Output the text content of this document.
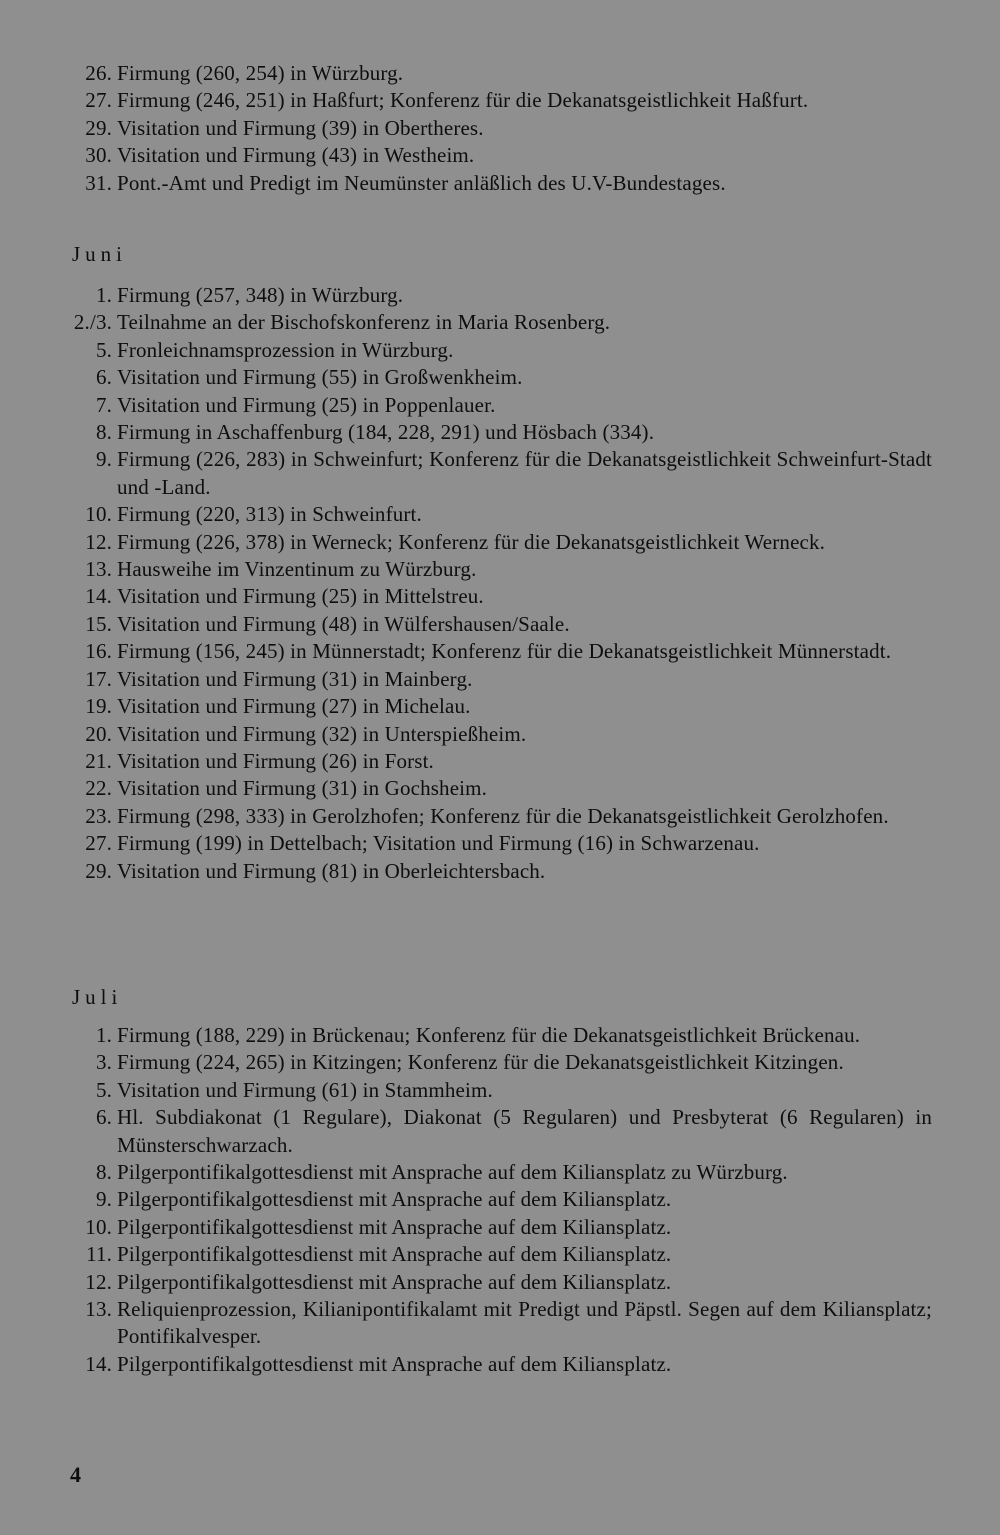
26. Firmung (260, 254) in Würzburg.
27. Firmung (246, 251) in Haßfurt; Konferenz für die Dekanatsgeistlichkeit Haßfurt.
29. Visitation und Firmung (39) in Obertheres.
30. Visitation und Firmung (43) in Westheim.
31. Pont.-Amt und Predigt im Neumünster anläßlich des U.V-Bundestages.
Juni
1. Firmung (257, 348) in Würzburg.
2./3. Teilnahme an der Bischofskonferenz in Maria Rosenberg.
5. Fronleichnamsprozession in Würzburg.
6. Visitation und Firmung (55) in Großwenkheim.
7. Visitation und Firmung (25) in Poppenlauer.
8. Firmung in Aschaffenburg (184, 228, 291) und Hösbach (334).
9. Firmung (226, 283) in Schweinfurt; Konferenz für die Dekanatsgeistlichkeit Schweinfurt-Stadt und -Land.
10. Firmung (220, 313) in Schweinfurt.
12. Firmung (226, 378) in Werneck; Konferenz für die Dekanatsgeistlichkeit Werneck.
13. Hausweihe im Vinzentinum zu Würzburg.
14. Visitation und Firmung (25) in Mittelstreu.
15. Visitation und Firmung (48) in Wülfershausen/Saale.
16. Firmung (156, 245) in Münnerstadt; Konferenz für die Dekanatsgeistlichkeit Münnerstadt.
17. Visitation und Firmung (31) in Mainberg.
19. Visitation und Firmung (27) in Michelau.
20. Visitation und Firmung (32) in Unterspießheim.
21. Visitation und Firmung (26) in Forst.
22. Visitation und Firmung (31) in Gochsheim.
23. Firmung (298, 333) in Gerolzhofen; Konferenz für die Dekanatsgeistlichkeit Gerolzhofen.
27. Firmung (199) in Dettelbach; Visitation und Firmung (16) in Schwarzenau.
29. Visitation und Firmung (81) in Oberleichtersbach.
Juli
1. Firmung (188, 229) in Brückenau; Konferenz für die Dekanatsgeistlichkeit Brückenau.
3. Firmung (224, 265) in Kitzingen; Konferenz für die Dekanatsgeistlichkeit Kitzingen.
5. Visitation und Firmung (61) in Stammheim.
6. Hl. Subdiakonat (1 Regulare), Diakonat (5 Regularen) und Presbyterat (6 Regularen) in Münsterschwarzach.
8. Pilgerpontifikalgottesdienst mit Ansprache auf dem Kiliansplatz zu Würzburg.
9. Pilgerpontifikalgottesdienst mit Ansprache auf dem Kiliansplatz.
10. Pilgerpontifikalgottesdienst mit Ansprache auf dem Kiliansplatz.
11. Pilgerpontifikalgottesdienst mit Ansprache auf dem Kiliansplatz.
12. Pilgerpontifikalgottesdienst mit Ansprache auf dem Kiliansplatz.
13. Reliquienprozession, Kilianipontifikalamt mit Predigt und Päpstl. Segen auf dem Kiliansplatz; Pontifikalvesper.
14. Pilgerpontifikalgottesdienst mit Ansprache auf dem Kiliansplatz.
4
